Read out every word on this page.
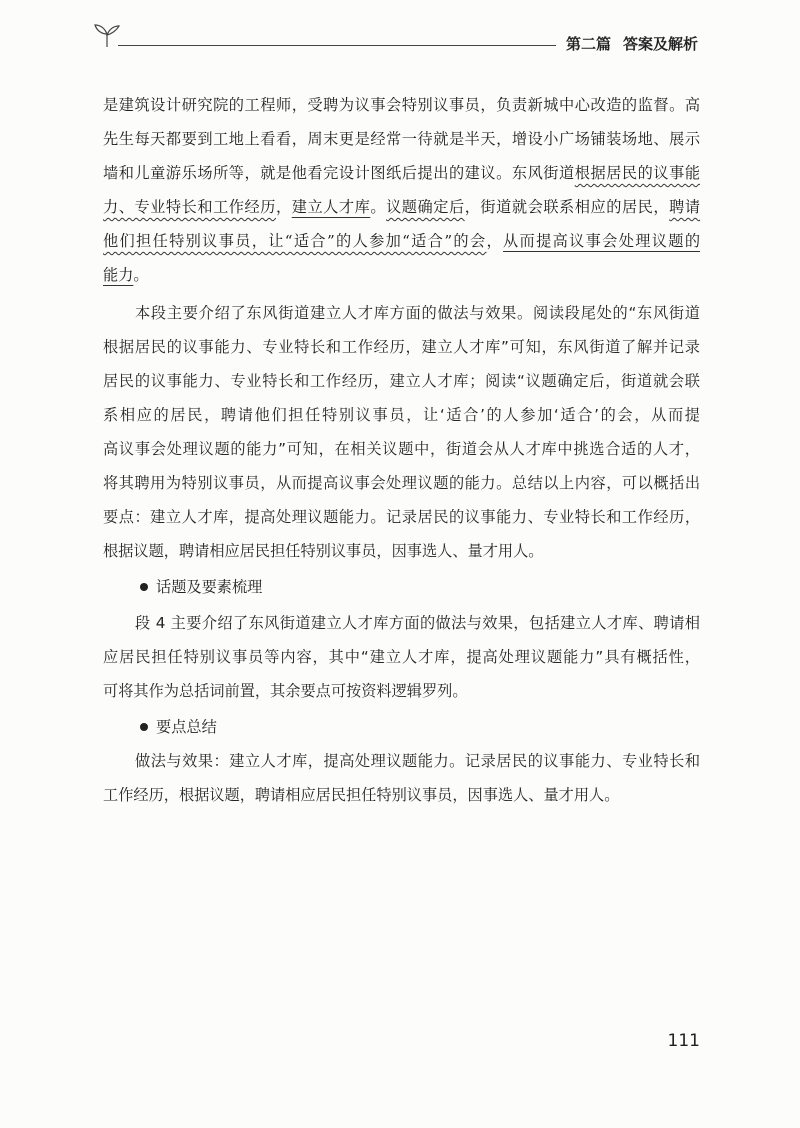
第二篇 答案及解析
是建筑设计研究院的工程师，受聘为议事会特别议事员，负责新城中心改造的监督。高
先生每天都要到工地上看看，周末更是经常一待就是半天，增设小广场铺装场地、展示
墙和儿童游乐场所等，就是他看完设计图纸后提出的建议。东风街道根据居民的议事能
力、专业特长和工作经历，建立人才库。议题确定后，街道就会联系相应的居民，聘请
他们担任特别议事员，让“适合”的人参加“适合”的会，从而提高议事会处理议题的
能力。
本段主要介绍了东风街道建立人才库方面的做法与效果。阅读段尾处的“东风街道
根据居民的议事能力、专业特长和工作经历，建立人才库”可知，东风街道了解并记录
居民的议事能力、专业特长和工作经历，建立人才库；阅读“议题确定后，街道就会联
系相应的居民，聘请他们担任特别议事员，让‘适合’的人参加‘适合’的会，从而提
高议事会处理议题的能力”可知，在相关议题中，街道会从人才库中挑选合适的人才，
将其聘用为特别议事员，从而提高议事会处理议题的能力。总结以上内容，可以概括出
要点：建立人才库，提高处理议题能力。记录居民的议事能力、专业特长和工作经历，
根据议题，聘请相应居民担任特别议事员，因事选人、量才用人。
话题及要素梳理
段 4 主要介绍了东风街道建立人才库方面的做法与效果，包括建立人才库、聘请相
应居民担任特别议事员等内容，其中“建立人才库，提高处理议题能力”具有概括性，
可将其作为总括词前置，其余要点可按资料逻辑罗列。
要点总结
做法与效果：建立人才库，提高处理议题能力。记录居民的议事能力、专业特长和
工作经历，根据议题，聘请相应居民担任特别议事员，因事选人、量才用人。
111
